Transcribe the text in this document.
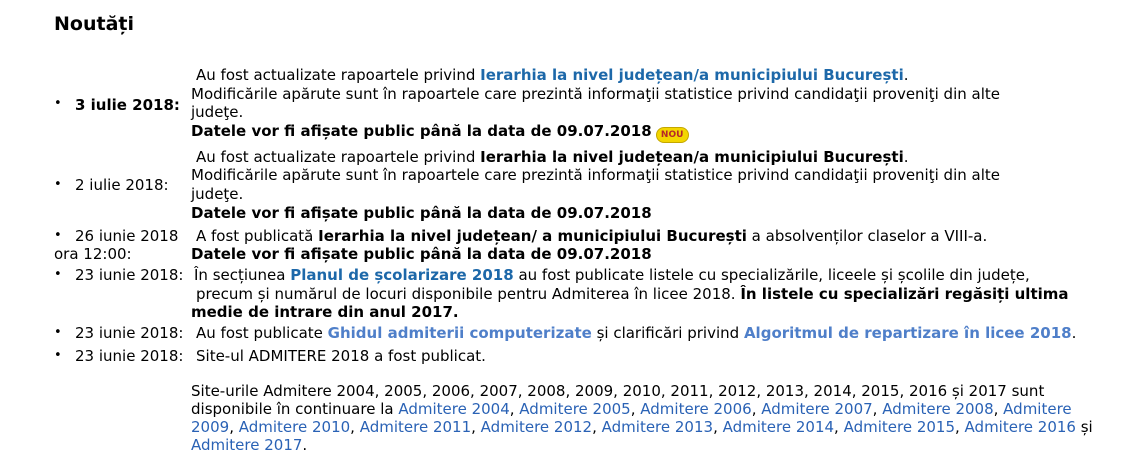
Noutăți
• 3 iulie 2018:
Au fost actualizate rapoartele privind Ierarhia la nivel județean/a municipiului București.
Modificările apărute sunt în rapoartele care prezintă informaţii statistice privind candidaţii proveniţi din alte
judeţe.
Datele vor fi afișate public până la data de 09.07.2018 NOU
• 2 iulie 2018:
Au fost actualizate rapoartele privind Ierarhia la nivel județean/a municipiului București.
Modificările apărute sunt în rapoartele care prezintă informaţii statistice privind candidaţii proveniţi din alte
judeţe.
Datele vor fi afișate public până la data de 09.07.2018
• 26 iunie 2018
ora 12:00:
A fost publicată Ierarhia la nivel județean/ a municipiului București a absolvenților claselor a VIII-a.
Datele vor fi afișate public până la data de 09.07.2018
• 23 iunie 2018: În secțiunea Planul de școlarizare 2018 au fost publicate listele cu specializările, liceele și școlile din județe,
precum și numărul de locuri disponibile pentru Admiterea în licee 2018. În listele cu specializări regăsiți ultima
medie de intrare din anul 2017.
• 23 iunie 2018: Au fost publicate Ghidul admiterii computerizate și clarificări privind Algoritmul de repartizare în licee 2018.
• 23 iunie 2018: Site-ul ADMITERE 2018 a fost publicat.
Site-urile Admitere 2004, 2005, 2006, 2007, 2008, 2009, 2010, 2011, 2012, 2013, 2014, 2015, 2016 și 2017 sunt
disponibile în continuare la Admitere 2004, Admitere 2005, Admitere 2006, Admitere 2007, Admitere 2008, Admitere
2009, Admitere 2010, Admitere 2011, Admitere 2012, Admitere 2013, Admitere 2014, Admitere 2015, Admitere 2016 și
Admitere 2017.
